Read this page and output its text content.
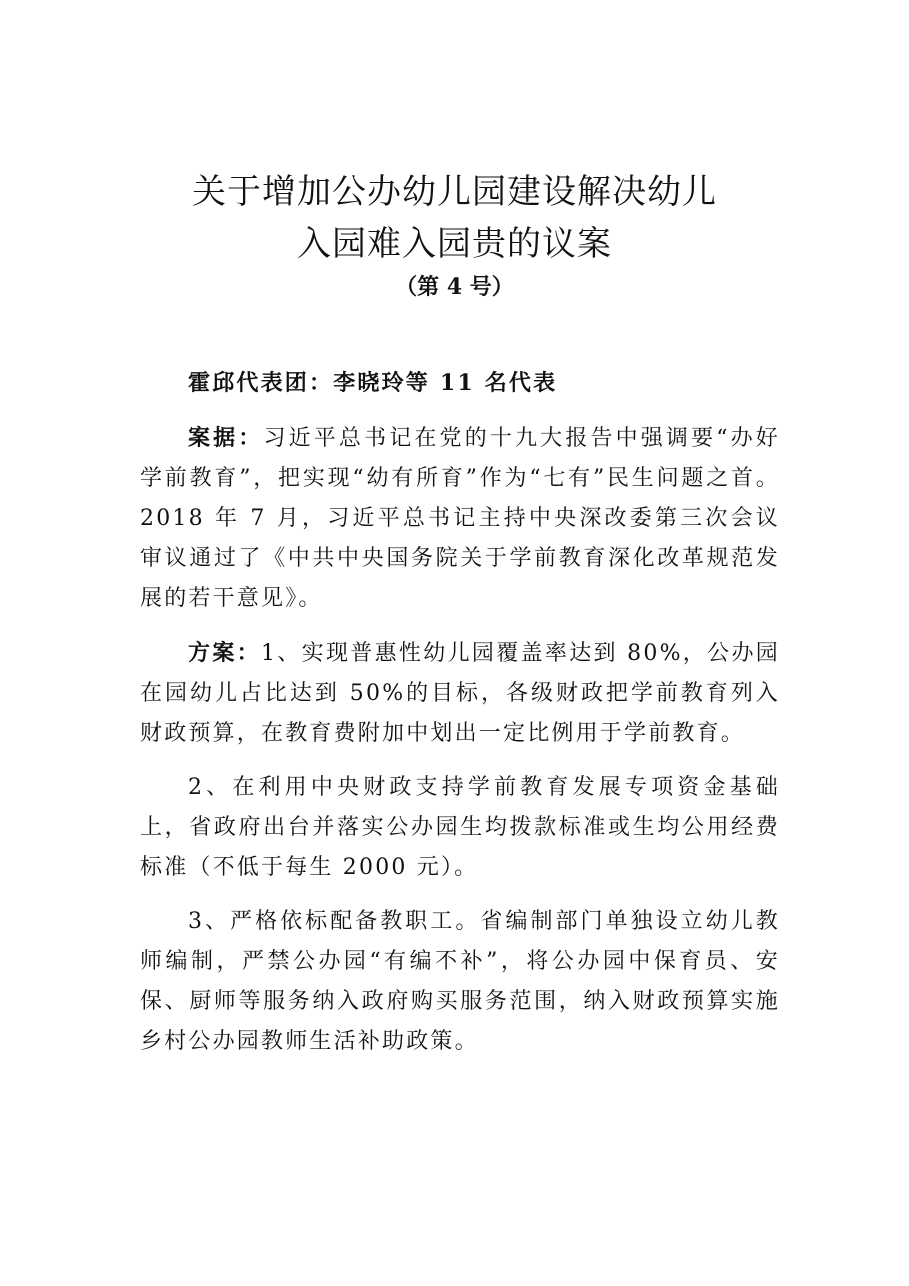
关于增加公办幼儿园建设解决幼儿
入园难入园贵的议案
（第 4 号）

霍邱代表团：李晓玲等 11 名代表

案据：习近平总书记在党的十九大报告中强调要“办好学前教育”，把实现“幼有所育”作为“七有”民生问题之首。2018 年 7 月，习近平总书记主持中央深改委第三次会议审议通过了《中共中央国务院关于学前教育深化改革规范发展的若干意见》。

方案：1、实现普惠性幼儿园覆盖率达到 80%，公办园在园幼儿占比达到 50%的目标，各级财政把学前教育列入财政预算，在教育费附加中划出一定比例用于学前教育。

2、在利用中央财政支持学前教育发展专项资金基础上，省政府出台并落实公办园生均拨款标准或生均公用经费标准（不低于每生 2000 元）。

3、严格依标配备教职工。省编制部门单独设立幼儿教师编制，严禁公办园“有编不补”，将公办园中保育员、安保、厨师等服务纳入政府购买服务范围，纳入财政预算实施乡村公办园教师生活补助政策。
